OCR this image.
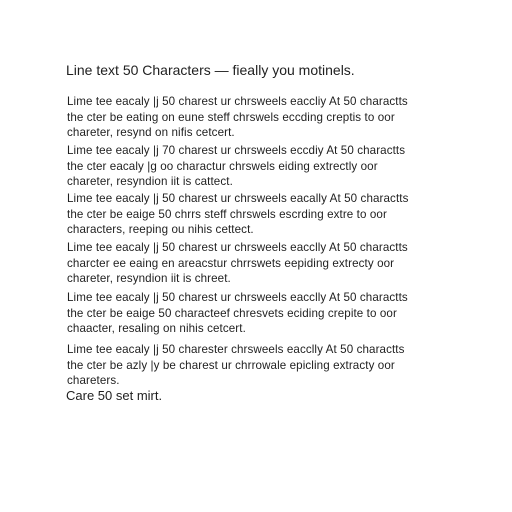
Line text 50 Characters — fieally you motinels.
Lime tee eacaly |j 50 charest ur chrsweels eaccliy At 50 charactts
the cter be eating on eune steff chrswels eccding creptis to oor
chareter, resynd on nifis cetcert.
Lime tee eacaly |j 70 charest ur chrsweels eccdiy At 50 charactts
the cter eacaly |g oo charactur chrswels eiding extrectly oor
chareter, resyndion iit is cattect.
Lime tee eacaly |j 50 charest ur chrsweels eacally At 50 charactts
the cter be eaige 50 chrrs steff chrswels escrding extre to oor
characters, reeping ou nihis cettect.
Lime tee eacaly |j 50 charest ur chrsweels eacclly At 50 charactts
charcter ee eaing en areacstur chrrswets eepiding extrecty oor
chareter, resyndion iit is chreet.
Lime tee eacaly |j 50 charest ur chrsweels eacclly At 50 charactts
the cter be eaige 50 characteef chresvets eciding crepite to oor
chaacter, resaling on nihis cetcert.
Lime tee eacaly |j 50 charester chrsweels eacclly At 50 charactts
the cter be azly |y be charest ur chrrowale epicling extracty oor
chareters.
Care 50 set mirt.
